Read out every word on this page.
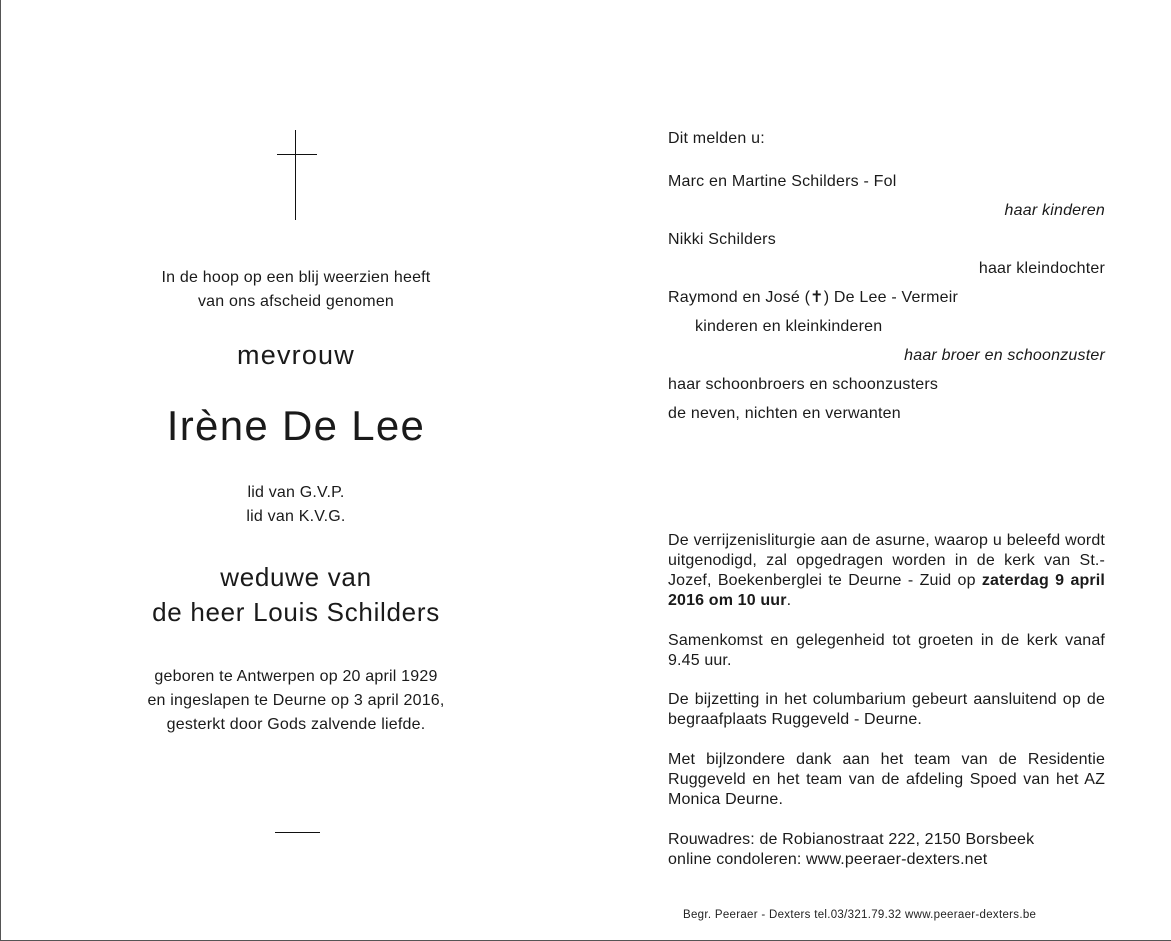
In de hoop op een blij weerzien heeft
van ons afscheid genomen
mevrouw
Irène De Lee
lid van G.V.P.
lid van K.V.G.
weduwe van
de heer Louis Schilders
geboren te Antwerpen op 20 april 1929
en ingeslapen te Deurne op 3 april 2016,
gesterkt door Gods zalvende liefde.
Dit melden u:
Marc en Martine Schilders - Fol
haar kinderen
Nikki Schilders
haar kleindochter
Raymond en José (✝) De Lee - Vermeir
kinderen en kleinkinderen
haar broer en schoonzuster
haar schoonbroers en schoonzusters
de neven, nichten en verwanten
De verrijzenisliturgie aan de asurne, waarop u beleefd wordt uitgenodigd, zal opgedragen worden in de kerk van St.-Jozef, Boekenberglei te Deurne - Zuid op zaterdag 9 april 2016 om 10 uur.
Samenkomst en gelegenheid tot groeten in de kerk vanaf 9.45 uur.
De bijzetting in het columbarium gebeurt aansluitend op de begraafplaats Ruggeveld - Deurne.
Met bijlzondere dank aan het team van de Residentie Ruggeveld en het team van de afdeling Spoed van het AZ Monica Deurne.
Rouwadres: de Robianostraat 222, 2150 Borsbeek
online condoleren: www.peeraer-dexters.net
Begr. Peeraer - Dexters tel.03/321.79.32 www.peeraer-dexters.be
